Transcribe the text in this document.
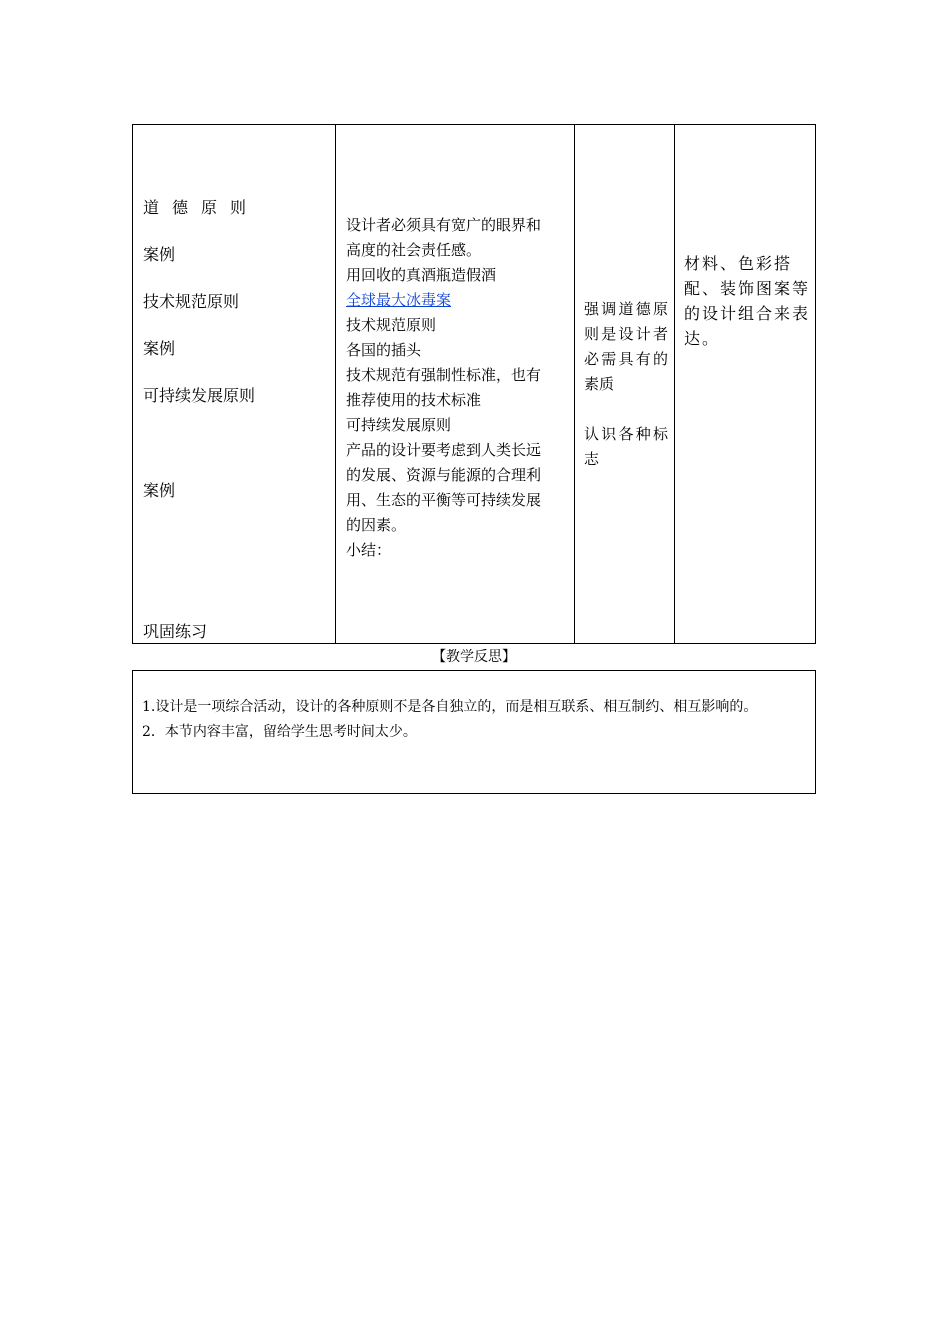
道德原则
案例
技术规范原则
案例
可持续发展原则
案例
巩固练习
设计者必须具有宽广的眼界和
高度的社会责任感。
用回收的真酒瓶造假酒
全球最大冰毒案
技术规范原则
各国的插头
技术规范有强制性标准，也有
推荐使用的技术标准
可持续发展原则
产品的设计要考虑到人类长远
的发展、资源与能源的合理利
用、生态的平衡等可持续发展
的因素。
小结：
强调道德原则是设计者必需具有的素质
认识各种标志
材料、色彩搭配、装饰图案等的设计组合来表达。
【教学反思】
1.设计是一项综合活动，设计的各种原则不是各自独立的，而是相互联系、相互制约、相互影响的。
2．本节内容丰富，留给学生思考时间太少。
